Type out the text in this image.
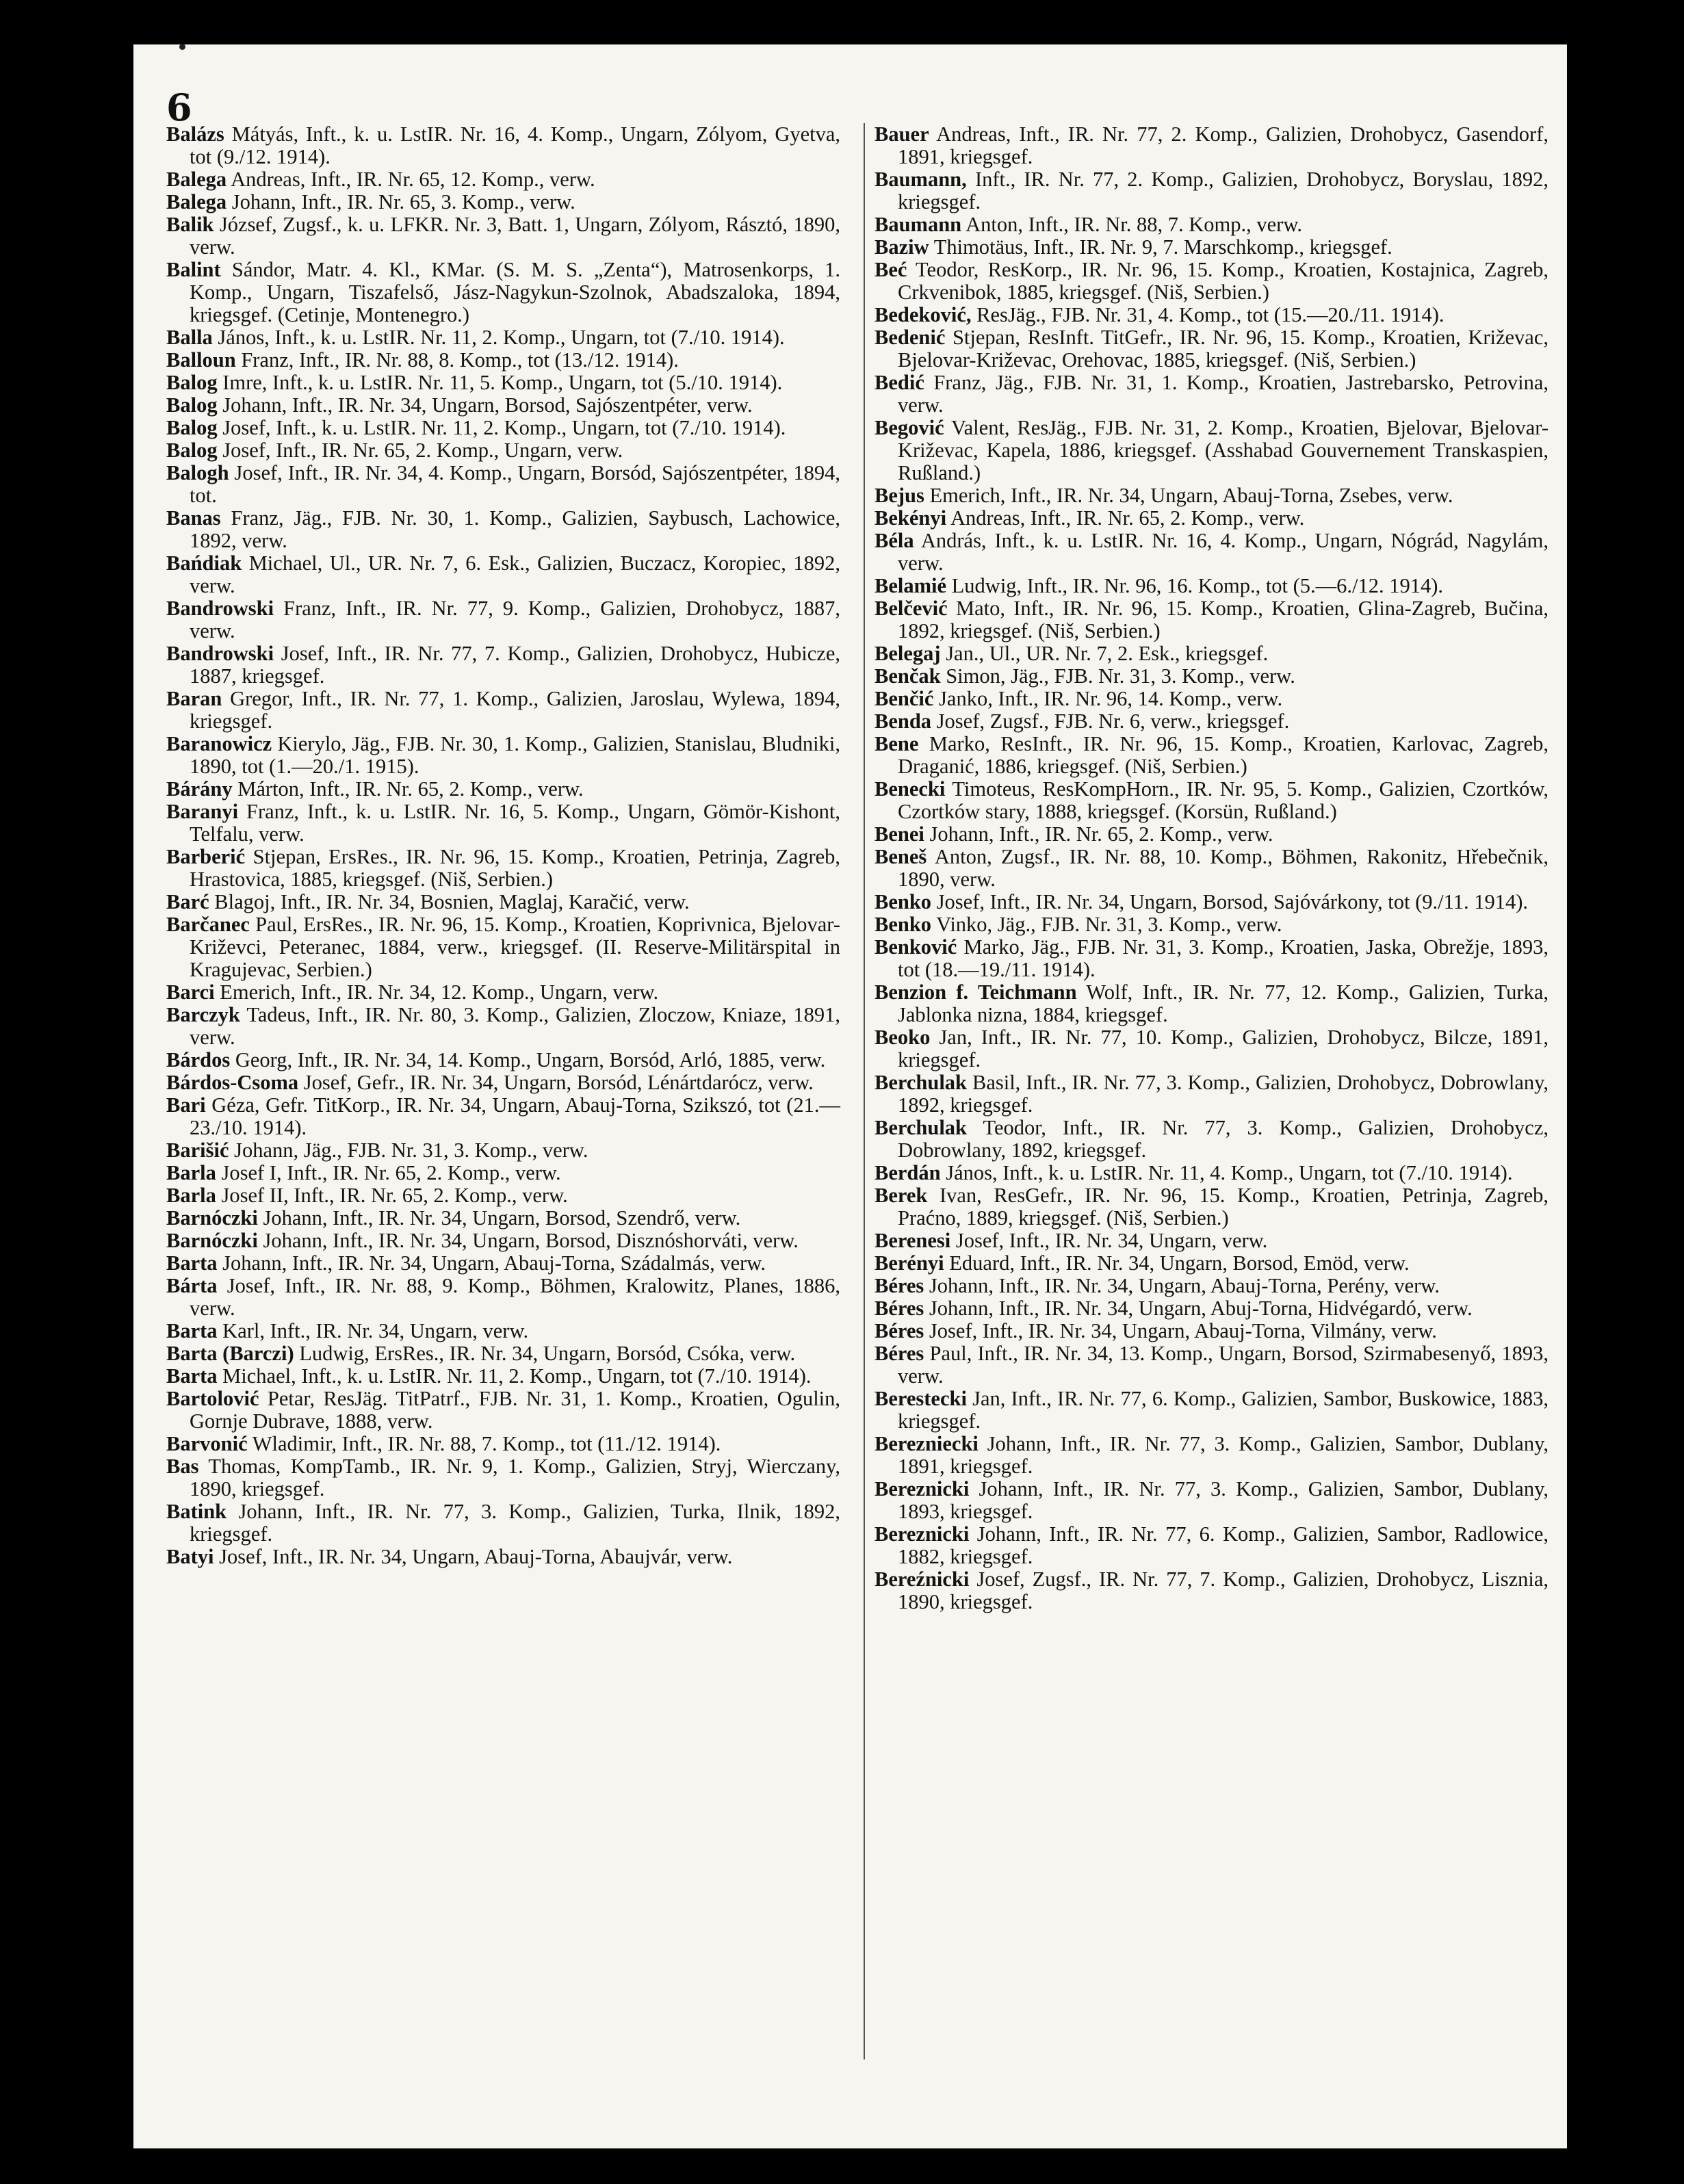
6

Balázs Mátyás, Inft., k. u. LstIR. Nr. 16, 4. Komp., Ungarn, Zólyom, Gyetva, tot (9./12. 1914).

Balega Andreas, Inft., IR. Nr. 65, 12. Komp., verw.

Balega Johann, Inft., IR. Nr. 65, 3. Komp., verw.

Balik József, Zugsf., k. u. LFKR. Nr. 3, Batt. 1, Ungarn, Zólyom, Rásztó, 1890, verw.

Balint Sándor, Matr. 4. Kl., KMar. (S. M. S. „Zenta“), Matrosenkorps, 1. Komp., Ungarn, Tiszafelső, Jász-Nagykun-Szolnok, Abadszaloka, 1894, kriegsgef. (Cetinje, Montenegro.)

Balla János, Inft., k. u. LstIR. Nr. 11, 2. Komp., Ungarn, tot (7./10. 1914).

Balloun Franz, Inft., IR. Nr. 88, 8. Komp., tot (13./12. 1914).

Balog Imre, Inft., k. u. LstIR. Nr. 11, 5. Komp., Ungarn, tot (5./10. 1914).

Balog Johann, Inft., IR. Nr. 34, Ungarn, Borsod, Sajószentpéter, verw.

Balog Josef, Inft., k. u. LstIR. Nr. 11, 2. Komp., Ungarn, tot (7./10. 1914).

Balog Josef, Inft., IR. Nr. 65, 2. Komp., Ungarn, verw.

Balogh Josef, Inft., IR. Nr. 34, 4. Komp., Ungarn, Borsód, Sajószentpéter, 1894, tot.

Banas Franz, Jäg., FJB. Nr. 30, 1. Komp., Galizien, Saybusch, Lachowice, 1892, verw.

Bańdiak Michael, Ul., UR. Nr. 7, 6. Esk., Galizien, Buczacz, Koropiec, 1892, verw.

Bandrowski Franz, Inft., IR. Nr. 77, 9. Komp., Galizien, Drohobycz, 1887, verw.

Bandrowski Josef, Inft., IR. Nr. 77, 7. Komp., Galizien, Drohobycz, Hubicze, 1887, kriegsgef.

Baran Gregor, Inft., IR. Nr. 77, 1. Komp., Galizien, Jaroslau, Wylewa, 1894, kriegsgef.

Baranowicz Kierylo, Jäg., FJB. Nr. 30, 1. Komp., Galizien, Stanislau, Bludniki, 1890, tot (1.—20./1. 1915).

Bárány Márton, Inft., IR. Nr. 65, 2. Komp., verw.

Baranyi Franz, Inft., k. u. LstIR. Nr. 16, 5. Komp., Ungarn, Gömör-Kishont, Telfalu, verw.

Barberić Stjepan, ErsRes., IR. Nr. 96, 15. Komp., Kroatien, Petrinja, Zagreb, Hrastovica, 1885, kriegsgef. (Niš, Serbien.)

Barć Blagoj, Inft., IR. Nr. 34, Bosnien, Maglaj, Karačić, verw.

Barčanec Paul, ErsRes., IR. Nr. 96, 15. Komp., Kroatien, Koprivnica, Bjelovar-Križevci, Peteranec, 1884, verw., kriegsgef. (II. Reserve-Militärspital in Kragujevac, Serbien.)

Barci Emerich, Inft., IR. Nr. 34, 12. Komp., Ungarn, verw.

Barczyk Tadeus, Inft., IR. Nr. 80, 3. Komp., Galizien, Zloczow, Kniaze, 1891, verw.

Bárdos Georg, Inft., IR. Nr. 34, 14. Komp., Ungarn, Borsód, Arló, 1885, verw.

Bárdos-Csoma Josef, Gefr., IR. Nr. 34, Ungarn, Borsód, Lénártdarócz, verw.

Bari Géza, Gefr. TitKorp., IR. Nr. 34, Ungarn, Abauj-Torna, Szikszó, tot (21.—23./10. 1914).

Barišić Johann, Jäg., FJB. Nr. 31, 3. Komp., verw.

Barla Josef I, Inft., IR. Nr. 65, 2. Komp., verw.

Barla Josef II, Inft., IR. Nr. 65, 2. Komp., verw.

Barnóczki Johann, Inft., IR. Nr. 34, Ungarn, Borsod, Szendrő, verw.

Barnóczki Johann, Inft., IR. Nr. 34, Ungarn, Borsod, Disznóshorváti, verw.

Barta Johann, Inft., IR. Nr. 34, Ungarn, Abauj-Torna, Szádalmás, verw.

Bárta Josef, Inft., IR. Nr. 88, 9. Komp., Böhmen, Kralowitz, Planes, 1886, verw.

Barta Karl, Inft., IR. Nr. 34, Ungarn, verw.

Barta (Barczi) Ludwig, ErsRes., IR. Nr. 34, Ungarn, Borsód, Csóka, verw.

Barta Michael, Inft., k. u. LstIR. Nr. 11, 2. Komp., Ungarn, tot (7./10. 1914).

Bartolović Petar, ResJäg. TitPatrf., FJB. Nr. 31, 1. Komp., Kroatien, Ogulin, Gornje Dubrave, 1888, verw.

Barvonić Wladimir, Inft., IR. Nr. 88, 7. Komp., tot (11./12. 1914).

Bas Thomas, KompTamb., IR. Nr. 9, 1. Komp., Galizien, Stryj, Wierczany, 1890, kriegsgef.

Batink Johann, Inft., IR. Nr. 77, 3. Komp., Galizien, Turka, Ilnik, 1892, kriegsgef.

Batyi Josef, Inft., IR. Nr. 34, Ungarn, Abauj-Torna, Abaujvár, verw.

Bauer Andreas, Inft., IR. Nr. 77, 2. Komp., Galizien, Drohobycz, Gasendorf, 1891, kriegsgef.

Baumann, Inft., IR. Nr. 77, 2. Komp., Galizien, Drohobycz, Boryslau, 1892, kriegsgef.

Baumann Anton, Inft., IR. Nr. 88, 7. Komp., verw.

Baziw Thimotäus, Inft., IR. Nr. 9, 7. Marschkomp., kriegsgef.

Beć Teodor, ResKorp., IR. Nr. 96, 15. Komp., Kroatien, Kostajnica, Zagreb, Crkvenibok, 1885, kriegsgef. (Niš, Serbien.)

Bedeković, ResJäg., FJB. Nr. 31, 4. Komp., tot (15.—20./11. 1914).

Bedenić Stjepan, ResInft. TitGefr., IR. Nr. 96, 15. Komp., Kroatien, Križevac, Bjelovar-Križevac, Orehovac, 1885, kriegsgef. (Niš, Serbien.)

Bedić Franz, Jäg., FJB. Nr. 31, 1. Komp., Kroatien, Jastrebarsko, Petrovina, verw.

Begović Valent, ResJäg., FJB. Nr. 31, 2. Komp., Kroatien, Bjelovar, Bjelovar-Križevac, Kapela, 1886, kriegsgef. (Asshabad Gouvernement Transkaspien, Rußland.)

Bejus Emerich, Inft., IR. Nr. 34, Ungarn, Abauj-Torna, Zsebes, verw.

Bekényi Andreas, Inft., IR. Nr. 65, 2. Komp., verw.

Béla András, Inft., k. u. LstIR. Nr. 16, 4. Komp., Ungarn, Nógrád, Nagylám, verw.

Belamié Ludwig, Inft., IR. Nr. 96, 16. Komp., tot (5.—6./12. 1914).

Belčević Mato, Inft., IR. Nr. 96, 15. Komp., Kroatien, Glina-Zagreb, Bučina, 1892, kriegsgef. (Niš, Serbien.)

Belegaj Jan., Ul., UR. Nr. 7, 2. Esk., kriegsgef.

Benčak Simon, Jäg., FJB. Nr. 31, 3. Komp., verw.

Benčić Janko, Inft., IR. Nr. 96, 14. Komp., verw.

Benda Josef, Zugsf., FJB. Nr. 6, verw., kriegsgef.

Bene Marko, ResInft., IR. Nr. 96, 15. Komp., Kroatien, Karlovac, Zagreb, Draganić, 1886, kriegsgef. (Niš, Serbien.)

Benecki Timoteus, ResKompHorn., IR. Nr. 95, 5. Komp., Galizien, Czortków, Czortków stary, 1888, kriegsgef. (Korsün, Rußland.)

Benei Johann, Inft., IR. Nr. 65, 2. Komp., verw.

Beneš Anton, Zugsf., IR. Nr. 88, 10. Komp., Böhmen, Rakonitz, Hřebečnik, 1890, verw.

Benko Josef, Inft., IR. Nr. 34, Ungarn, Borsod, Sajóvárkony, tot (9./11. 1914).

Benko Vinko, Jäg., FJB. Nr. 31, 3. Komp., verw.

Benković Marko, Jäg., FJB. Nr. 31, 3. Komp., Kroatien, Jaska, Obrežje, 1893, tot (18.—19./11. 1914).

Benzion f. Teichmann Wolf, Inft., IR. Nr. 77, 12. Komp., Galizien, Turka, Jablonka nizna, 1884, kriegsgef.

Beoko Jan, Inft., IR. Nr. 77, 10. Komp., Galizien, Drohobycz, Bilcze, 1891, kriegsgef.

Berchulak Basil, Inft., IR. Nr. 77, 3. Komp., Galizien, Drohobycz, Dobrowlany, 1892, kriegsgef.

Berchulak Teodor, Inft., IR. Nr. 77, 3. Komp., Galizien, Drohobycz, Dobrowlany, 1892, kriegsgef.

Berdán János, Inft., k. u. LstIR. Nr. 11, 4. Komp., Ungarn, tot (7./10. 1914).

Berek Ivan, ResGefr., IR. Nr. 96, 15. Komp., Kroatien, Petrinja, Zagreb, Praćno, 1889, kriegsgef. (Niš, Serbien.)

Berenesi Josef, Inft., IR. Nr. 34, Ungarn, verw.

Berényi Eduard, Inft., IR. Nr. 34, Ungarn, Borsod, Emöd, verw.

Béres Johann, Inft., IR. Nr. 34, Ungarn, Abauj-Torna, Perény, verw.

Béres Johann, Inft., IR. Nr. 34, Ungarn, Abuj-Torna, Hidvégardó, verw.

Béres Josef, Inft., IR. Nr. 34, Ungarn, Abauj-Torna, Vilmány, verw.

Béres Paul, Inft., IR. Nr. 34, 13. Komp., Ungarn, Borsod, Szirmabesenyő, 1893, verw.

Berestecki Jan, Inft., IR. Nr. 77, 6. Komp., Galizien, Sambor, Buskowice, 1883, kriegsgef.

Berezniecki Johann, Inft., IR. Nr. 77, 3. Komp., Galizien, Sambor, Dublany, 1891, kriegsgef.

Bereznicki Johann, Inft., IR. Nr. 77, 3. Komp., Galizien, Sambor, Dublany, 1893, kriegsgef.

Bereznicki Johann, Inft., IR. Nr. 77, 6. Komp., Galizien, Sambor, Radlowice, 1882, kriegsgef.

Bereźnicki Josef, Zugsf., IR. Nr. 77, 7. Komp., Galizien, Drohobycz, Lisznia, 1890, kriegsgef.
